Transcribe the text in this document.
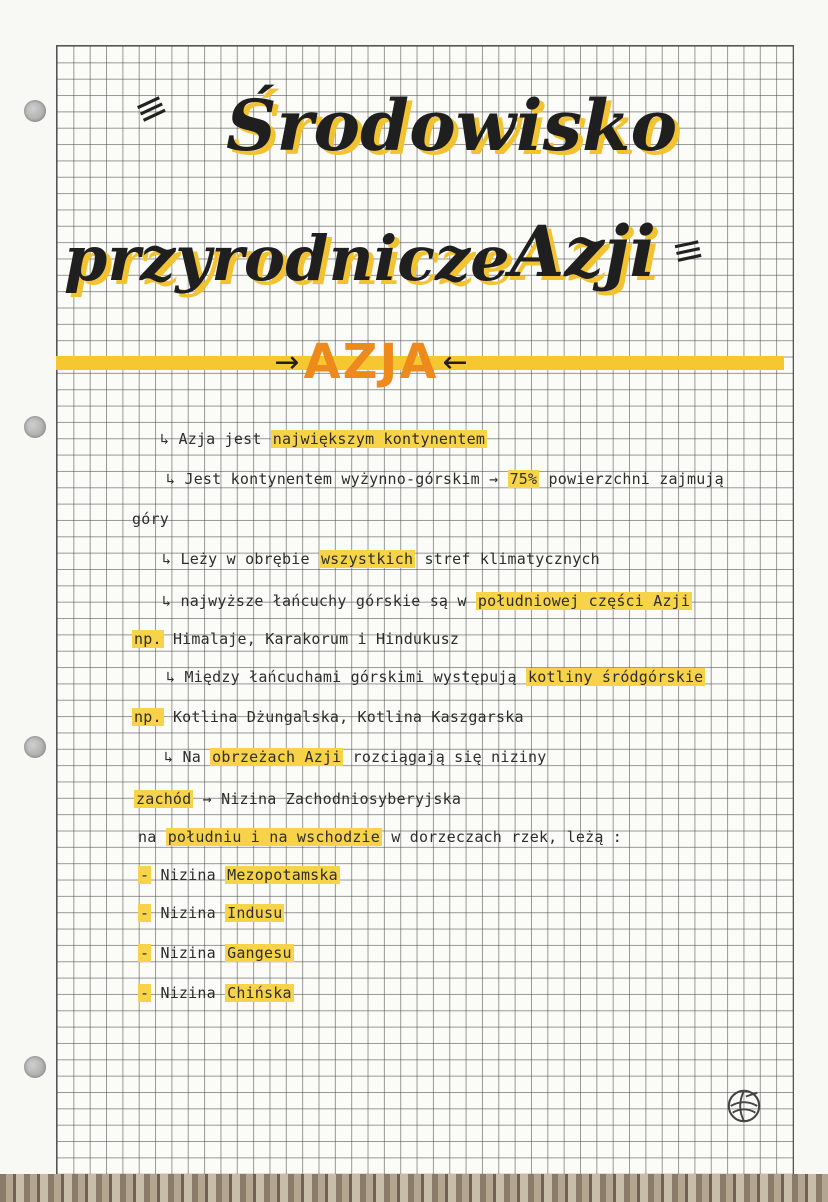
≡ Środowisko
przyrodnicze Azji ≡
→ AZJA ←
↳ Azja jest największym kontynentem
↳ Jest kontynentem wyżynno-górskim → 75% powierzchni zajmują
góry
↳ Leży w obrębie wszystkich stref klimatycznych
↳ najwyższe łańcuchy górskie są w południowej części Azji
np. Himalaje, Karakorum i Hindukusz
↳ Między łańcuchami górskimi występują kotliny śródgórskie
np. Kotlina Dżungalska, Kotlina Kaszgarska
↳ Na obrzeżach Azji rozciągają się niziny
zachód → Nizina Zachodniosyberyjska
na południu i na wschodzie w dorzeczach rzek, leżą :
- Nizina Mezopotamska
- Nizina Indusu
- Nizina Gangesu
- Nizina Chińska
